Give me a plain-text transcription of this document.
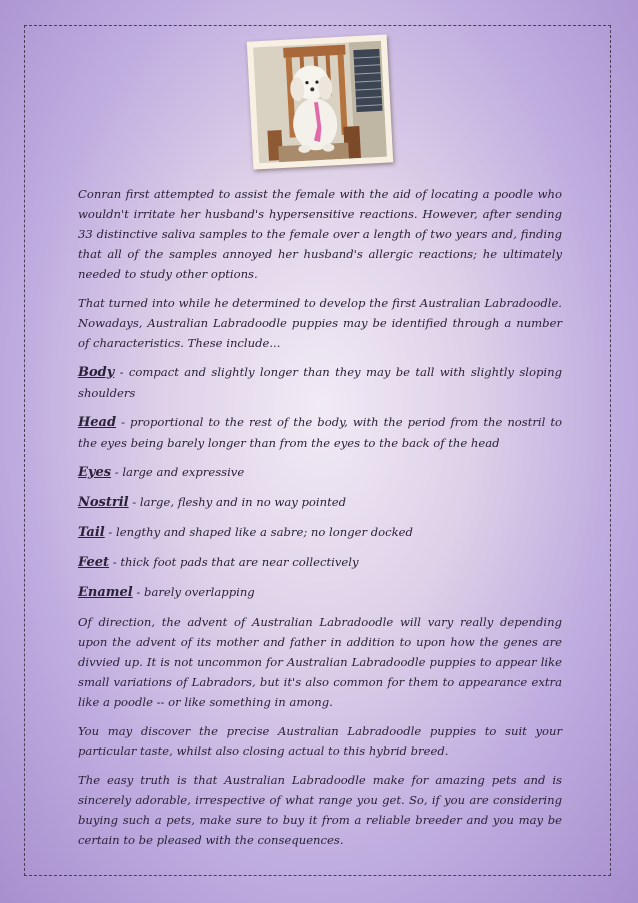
Conran first attempted to assist the female with the aid of locating a poodle who wouldn't irritate her husband's hypersensitive reactions. However, after sending 33 distinctive saliva samples to the female over a length of two years and, finding that all of the samples annoyed her husband's allergic reactions; he ultimately needed to study other options.

That turned into while he determined to develop the first Australian Labradoodle. Nowadays, Australian Labradoodle puppies may be identified through a number of characteristics. These include...

Body - compact and slightly longer than they may be tall with slightly sloping shoulders

Head - proportional to the rest of the body, with the period from the nostril to the eyes being barely longer than from the eyes to the back of the head

Eyes - large and expressive

Nostril - large, fleshy and in no way pointed

Tail - lengthy and shaped like a sabre; no longer docked

Feet - thick foot pads that are near collectively

Enamel - barely overlapping

Of direction, the advent of Australian Labradoodle will vary really depending upon the advent of its mother and father in addition to upon how the genes are divvied up. It is not uncommon for Australian Labradoodle puppies to appear like small variations of Labradors, but it's also common for them to appearance extra like a poodle -- or like something in among.

You may discover the precise Australian Labradoodle puppies to suit your particular taste, whilst also closing actual to this hybrid breed.

The easy truth is that Australian Labradoodle make for amazing pets and is sincerely adorable, irrespective of what range you get. So, if you are considering buying such a pets, make sure to buy it from a reliable breeder and you may be certain to be pleased with the consequences.
